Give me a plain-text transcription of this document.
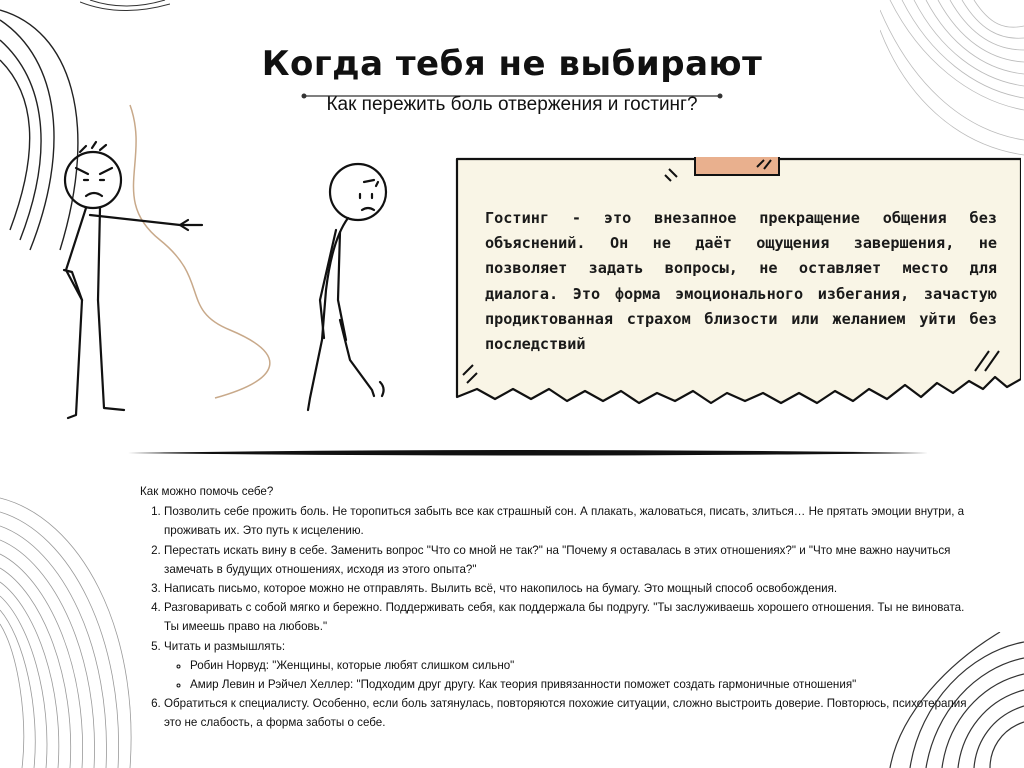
Когда тебя не выбирают
Как пережить боль отвержения и гостинг?
Гостинг - это внезапное прекращение общения без объяснений. Он не даёт ощущения завершения, не позволяет задать вопросы, не оставляет место для диалога. Это форма эмоционального избегания, зачастую продиктованная страхом близости или желанием уйти без последствий
Как можно помочь себе?
1. Позволить себе прожить боль. Не торопиться забыть все как страшный сон. А плакать, жаловаться, писать, злиться… Не прятать эмоции внутри, а проживать их. Это путь к исцелению.
2. Перестать искать вину в себе. Заменить вопрос "Что со мной не так?" на "Почему я оставалась в этих отношениях?" и "Что мне важно научиться замечать в будущих отношениях, исходя из этого опыта?"
3. Написать письмо, которое можно не отправлять. Вылить всё, что накопилось на бумагу. Это мощный способ освобождения.
4. Разговаривать с собой мягко и бережно. Поддерживать себя, как поддержала бы подругу. "Ты заслуживаешь хорошего отношения. Ты не виновата. Ты имеешь право на любовь."
5. Читать и размышлять:
◦ Робин Норвуд: "Женщины, которые любят слишком сильно"
◦ Амир Левин и Рэйчел Хеллер: "Подходим друг другу. Как теория привязанности поможет создать гармоничные отношения"
6. Обратиться к специалисту. Особенно, если боль затянулась, повторяются похожие ситуации, сложно выстроить доверие. Повторюсь, психотерапия это не слабость, а форма заботы о себе.
